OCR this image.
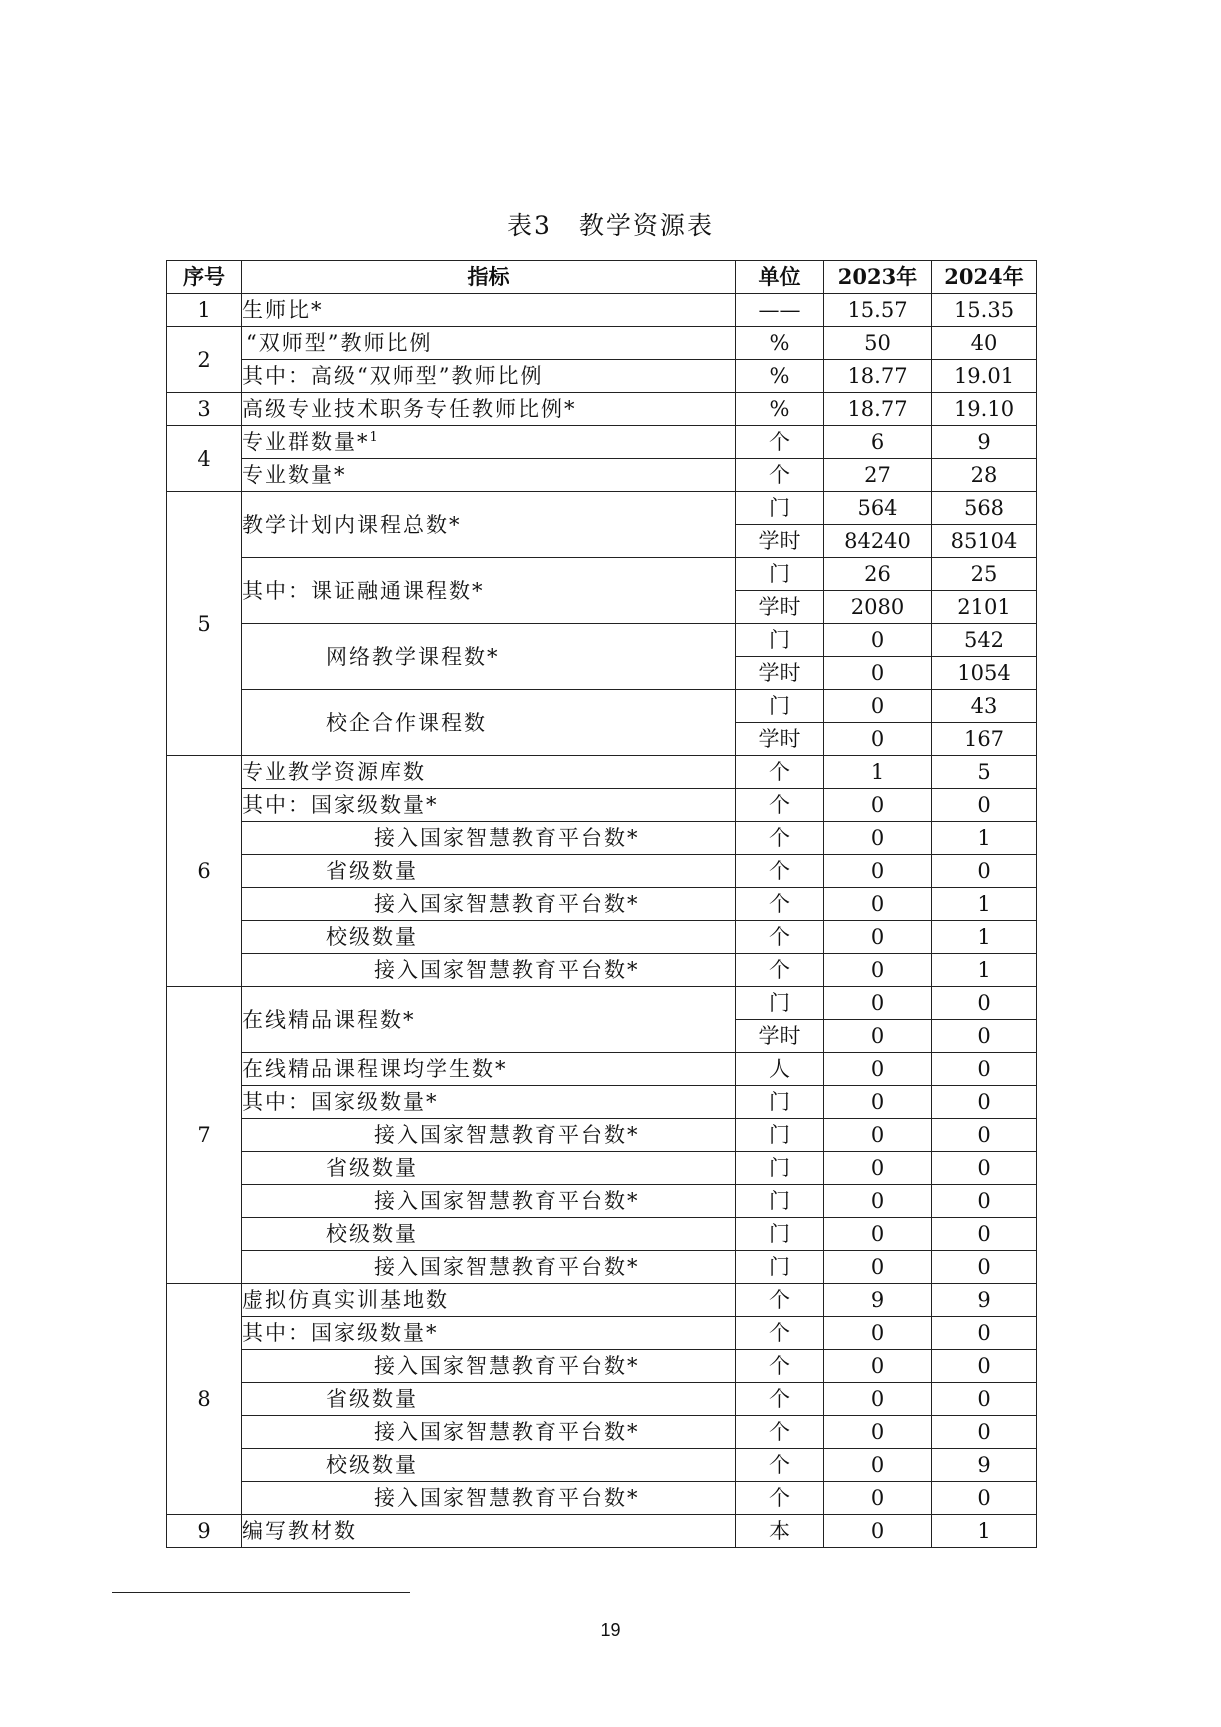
表3　教学资源表
序号	指标	单位	2023年	2024年
1	生师比*	——	15.57	15.35
2	“双师型”教师比例	%	50	40
	其中：高级“双师型”教师比例	%	18.77	19.01
3	高级专业技术职务专任教师比例*	%	18.77	19.10
4	专业群数量*$^1$	个	6	9
	专业数量*	个	27	28
5	教学计划内课程总数*	门	564	568
		学时	84240	85104
	其中：课证融通课程数*	门	26	25
		学时	2080	2101
	网络教学课程数*	门	0	542
		学时	0	1054
	校企合作课程数	门	0	43
		学时	0	167
6	专业教学资源库数	个	1	5
	其中：国家级数量*	个	0	0
	接入国家智慧教育平台数*	个	0	1
	省级数量	个	0	0
	接入国家智慧教育平台数*	个	0	1
	校级数量	个	0	1
	接入国家智慧教育平台数*	个	0	1
7	在线精品课程数*	门	0	0
		学时	0	0
	在线精品课程课均学生数*	人	0	0
	其中：国家级数量*	门	0	0
	接入国家智慧教育平台数*	门	0	0
	省级数量	门	0	0
	接入国家智慧教育平台数*	门	0	0
	校级数量	门	0	0
	接入国家智慧教育平台数*	门	0	0
8	虚拟仿真实训基地数	个	9	9
	其中：国家级数量*	个	0	0
	接入国家智慧教育平台数*	个	0	0
	省级数量	个	0	0
	接入国家智慧教育平台数*	个	0	0
	校级数量	个	0	9
	接入国家智慧教育平台数*	个	0	0
9	编写教材数	本	0	1
19
